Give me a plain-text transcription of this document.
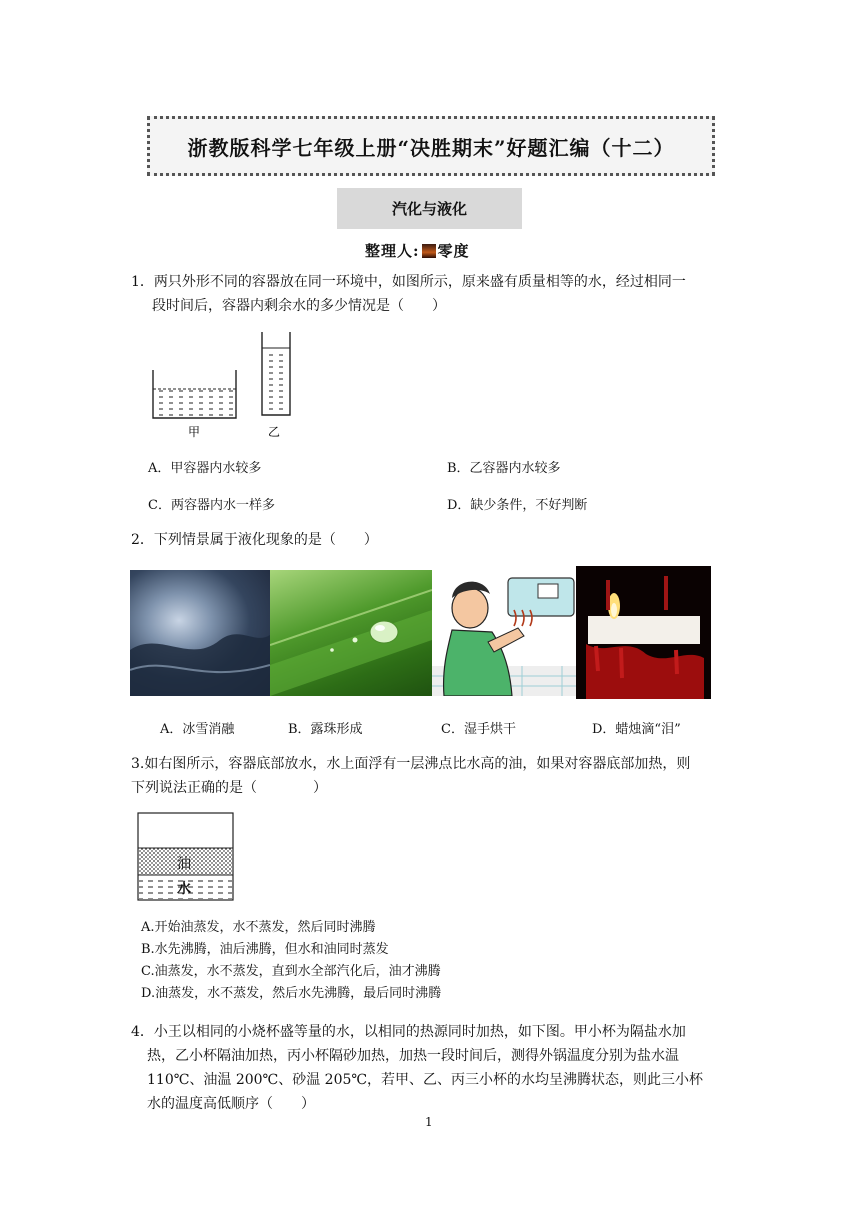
浙教版科学七年级上册“决胜期末”好题汇编（十二）
汽化与液化
整理人: 零度
1．两只外形不同的容器放在同一环境中，如图所示，原来盛有质量相等的水，经过相同一
段时间后，容器内剩余水的多少情况是（　　）
甲	乙
A．甲容器内水较多	B．乙容器内水较多
C．两容器内水一样多	D．缺少条件，不好判断
2．下列情景属于液化现象的是（　　）
A．冰雪消融	B．露珠形成	C．湿手烘干	D．蜡烛滴“泪”
3.如右图所示，容器底部放水，水上面浮有一层沸点比水高的油，如果对容器底部加热，则
下列说法正确的是（　　　　）
油
水
A.开始油蒸发，水不蒸发，然后同时沸腾
B.水先沸腾，油后沸腾，但水和油同时蒸发
C.油蒸发，水不蒸发，直到水全部汽化后，油才沸腾
D.油蒸发，水不蒸发，然后水先沸腾，最后同时沸腾
4．小王以相同的小烧杯盛等量的水，以相同的热源同时加热，如下图。甲小杯为隔盐水加
热，乙小杯隔油加热，丙小杯隔砂加热，加热一段时间后，测得外锅温度分别为盐水温
110℃、油温 200℃、砂温 205℃，若甲、乙、丙三小杯的水均呈沸腾状态，则此三小杯
水的温度高低顺序（　　）
1
